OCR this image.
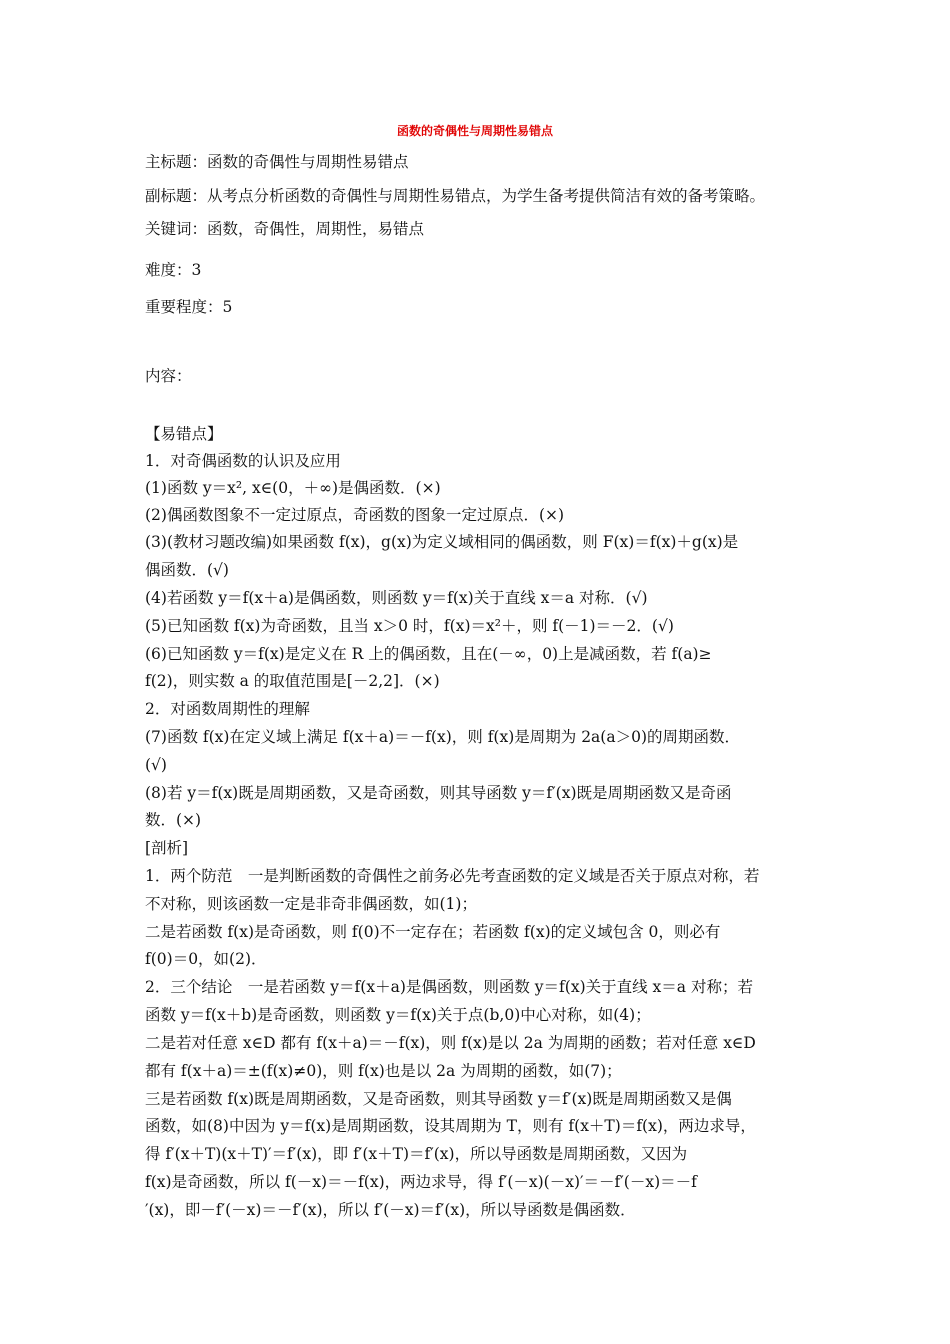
函数的奇偶性与周期性易错点
主标题：函数的奇偶性与周期性易错点
副标题：从考点分析函数的奇偶性与周期性易错点，为学生备考提供简洁有效的备考策略。
关键词：函数，奇偶性，周期性，易错点
难度：3
重要程度：5
内容：
【易错点】
1．对奇偶函数的认识及应用
(1)函数 y＝x², x∈(0，＋∞)是偶函数．(×)
(2)偶函数图象不一定过原点，奇函数的图象一定过原点．(×)
(3)(教材习题改编)如果函数 f(x)，g(x)为定义域相同的偶函数，则 F(x)＝f(x)＋g(x)是
偶函数．(√)
(4)若函数 y＝f(x＋a)是偶函数，则函数 y＝f(x)关于直线 x＝a 对称．(√)
(5)已知函数 f(x)为奇函数，且当 x＞0 时，f(x)＝x²＋，则 f(－1)＝－2．(√)
(6)已知函数 y＝f(x)是定义在 R 上的偶函数，且在(－∞，0)上是减函数，若 f(a)≥
f(2)，则实数 a 的取值范围是[－2,2]．(×)
2．对函数周期性的理解
(7)函数 f(x)在定义域上满足 f(x＋a)＝－f(x)，则 f(x)是周期为 2a(a＞0)的周期函数．
(√)
(8)若 y＝f(x)既是周期函数，又是奇函数，则其导函数 y＝f′(x)既是周期函数又是奇函
数．(×)
[剖析]
1．两个防范　一是判断函数的奇偶性之前务必先考查函数的定义域是否关于原点对称，若
不对称，则该函数一定是非奇非偶函数，如(1)；
二是若函数 f(x)是奇函数，则 f(0)不一定存在；若函数 f(x)的定义域包含 0，则必有
f(0)＝0，如(2)．
2．三个结论　一是若函数 y＝f(x＋a)是偶函数，则函数 y＝f(x)关于直线 x＝a 对称；若
函数 y＝f(x＋b)是奇函数，则函数 y＝f(x)关于点(b,0)中心对称，如(4)；
二是若对任意 x∈D 都有 f(x＋a)＝－f(x)，则 f(x)是以 2a 为周期的函数；若对任意 x∈D
都有 f(x＋a)＝±(f(x)≠0)，则 f(x)也是以 2a 为周期的函数，如(7)；
三是若函数 f(x)既是周期函数，又是奇函数，则其导函数 y＝f′(x)既是周期函数又是偶
函数，如(8)中因为 y＝f(x)是周期函数，设其周期为 T，则有 f(x＋T)＝f(x)，两边求导，
得 f′(x＋T)(x＋T)′＝f′(x)，即 f′(x＋T)＝f′(x)，所以导函数是周期函数，又因为
f(x)是奇函数，所以 f(－x)＝－f(x)，两边求导，得 f′(－x)(－x)′＝－f′(－x)＝－f
′(x)，即－f′(－x)＝－f′(x)，所以 f′(－x)＝f′(x)，所以导函数是偶函数．
